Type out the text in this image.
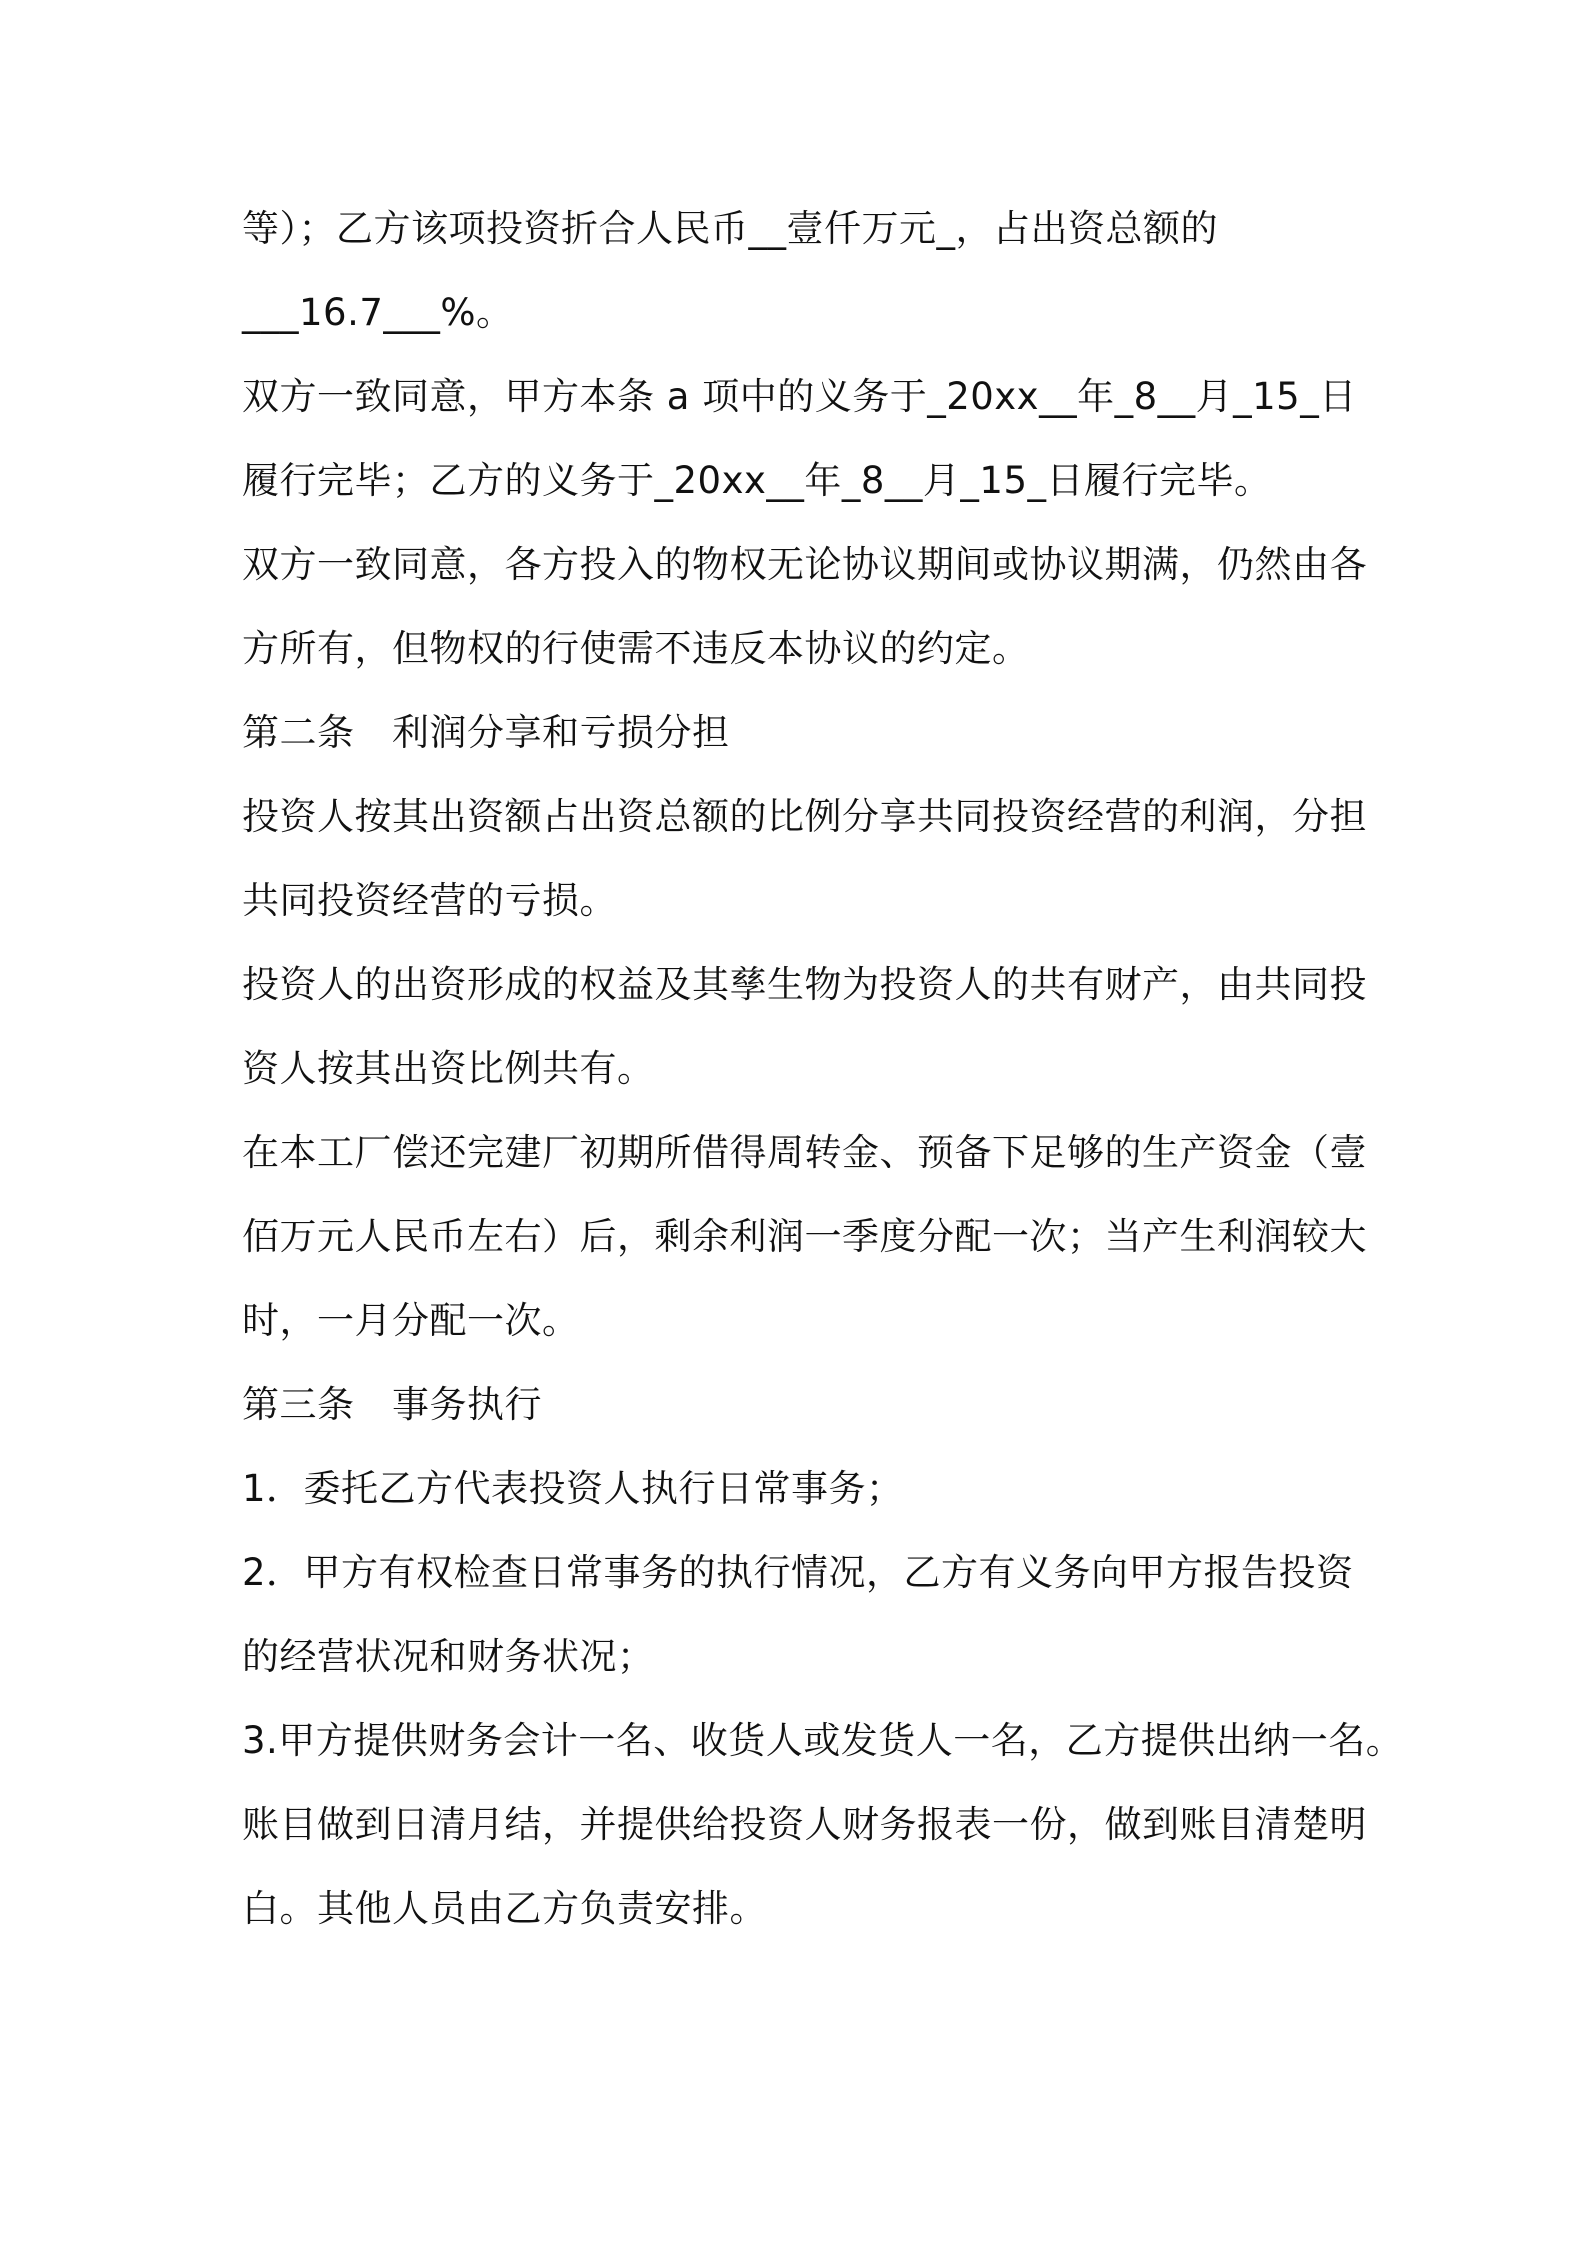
等）；乙方该项投资折合人民币__壹仟万元_，占出资总额的
___16.7___%。
双方一致同意，甲方本条 a 项中的义务于_20xx__年_8__月_15_日
履行完毕；乙方的义务于_20xx__年_8__月_15_日履行完毕。
双方一致同意，各方投入的物权无论协议期间或协议期满，仍然由各
方所有，但物权的行使需不违反本协议的约定。
第二条　利润分享和亏损分担
投资人按其出资额占出资总额的比例分享共同投资经营的利润，分担
共同投资经营的亏损。
投资人的出资形成的权益及其孳生物为投资人的共有财产，由共同投
资人按其出资比例共有。
在本工厂偿还完建厂初期所借得周转金、预备下足够的生产资金（壹
佰万元人民币左右）后，剩余利润一季度分配一次；当产生利润较大
时，一月分配一次。
第三条　事务执行
1．委托乙方代表投资人执行日常事务；
2．甲方有权检查日常事务的执行情况，乙方有义务向甲方报告投资
的经营状况和财务状况；
3.甲方提供财务会计一名、收货人或发货人一名，乙方提供出纳一名。
账目做到日清月结，并提供给投资人财务报表一份，做到账目清楚明
白。其他人员由乙方负责安排。
